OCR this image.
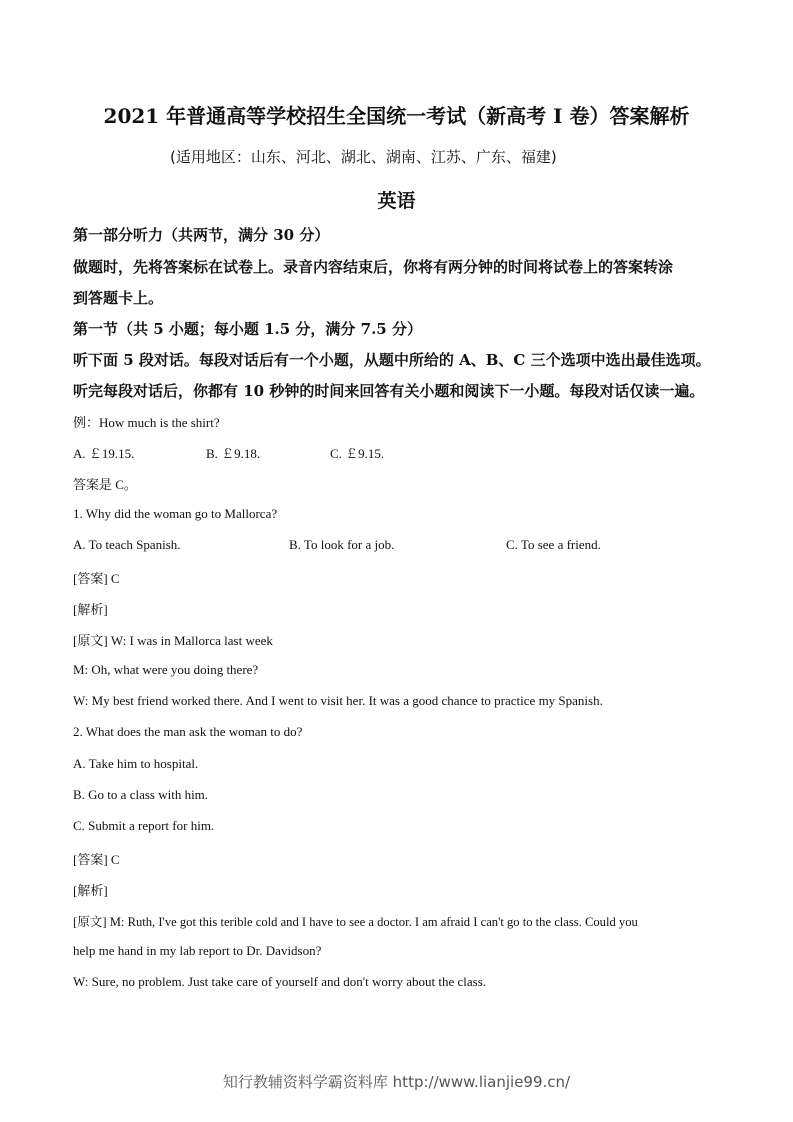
2021 年普通高等学校招生全国统一考试（新高考 I 卷）答案解析
(适用地区：山东、河北、湖北、湖南、江苏、广东、福建)
英语
第一部分听力（共两节，满分 30 分）
做题时，先将答案标在试卷上。录音内容结束后，你将有两分钟的时间将试卷上的答案转涂
到答题卡上。
第一节（共 5 小题；每小题 1.5 分，满分 7.5 分）
听下面 5 段对话。每段对话后有一个小题，从题中所给的 A、B、C 三个选项中选出最佳选项。
听完每段对话后，你都有 10 秒钟的时间来回答有关小题和阅读下一小题。每段对话仅读一遍。
例：How much is the shirt?
A. ￡19.15.	B. ￡9.18.	C. ￡9.15.
答案是 C。
1. Why did the woman go to Mallorca?
A. To teach Spanish.	B. To look for a job.	C. To see a friend.
[答案] C
[解析]
[原文] W: I was in Mallorca last week
M: Oh, what were you doing there?
W: My best friend worked there. And I went to visit her. It was a good chance to practice my Spanish.
2. What does the man ask the woman to do?
A. Take him to hospital.
B. Go to a class with him.
C. Submit a report for him.
[答案] C
[解析]
[原文] M: Ruth, I've got this terible cold and I have to see a doctor. I am afraid I can't go to the class. Could you
help me hand in my lab report to Dr. Davidson?
W: Sure, no problem. Just take care of yourself and don't worry about the class.
知行教辅资料学霸资料库 http://www.lianjie99.cn/
